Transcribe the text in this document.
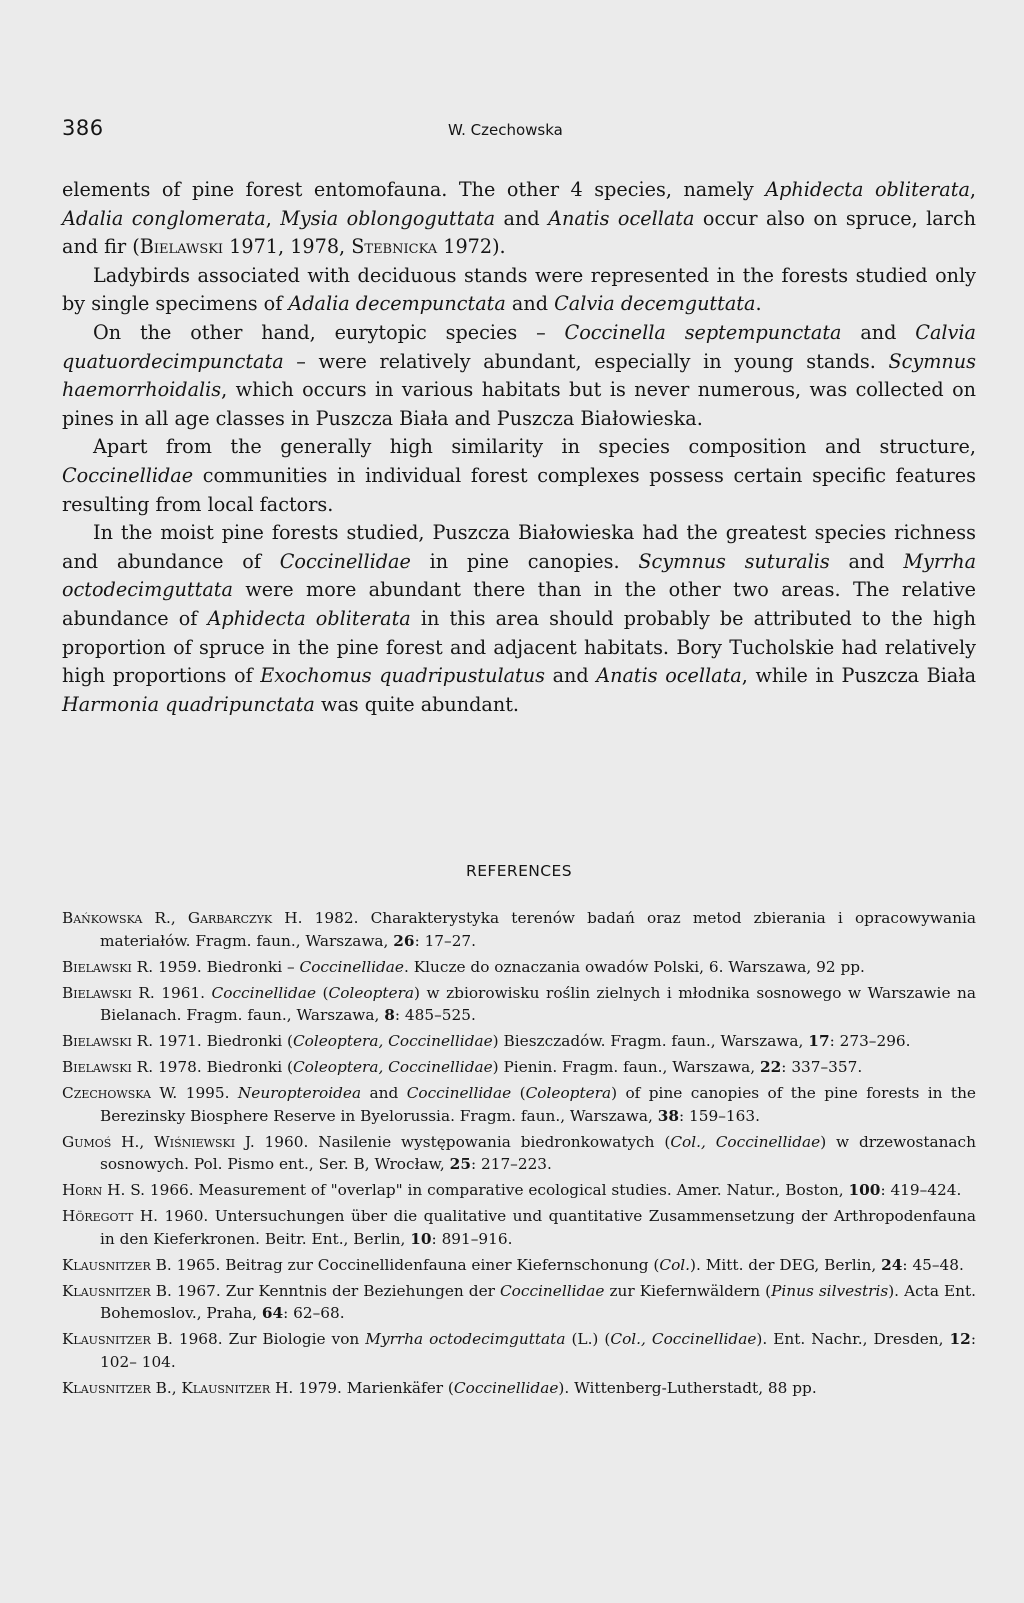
386	W. Czechowska

elements of pine forest entomofauna. The other 4 species, namely Aphidecta obliterata, Adalia conglomerata, Mysia oblongoguttata and Anatis ocellata occur also on spruce, larch and fir (Bielawski 1971, 1978, Stebnicka 1972).

Ladybirds associated with deciduous stands were represented in the forests studied only by single specimens of Adalia decempunctata and Calvia decemguttata.

On the other hand, eurytopic species – Coccinella septempunctata and Calvia quatuordecimpunctata – were relatively abundant, especially in young stands. Scymnus haemorrhoidalis, which occurs in various habitats but is never numerous, was collected on pines in all age classes in Puszcza Biała and Puszcza Białowieska.

Apart from the generally high similarity in species composition and structure, Coccinellidae communities in individual forest complexes possess certain specific features resulting from local factors.

In the moist pine forests studied, Puszcza Białowieska had the greatest species richness and abundance of Coccinellidae in pine canopies. Scymnus suturalis and Myrrha octodecimguttata were more abundant there than in the other two areas. The relative abundance of Aphidecta obliterata in this area should probably be attributed to the high proportion of spruce in the pine forest and adjacent habitats. Bory Tucholskie had relatively high proportions of Exochomus quadripustulatus and Anatis ocellata, while in Puszcza Biała Harmonia quadripunctata was quite abundant.

REFERENCES

Bańkowska R., Garbarczyk H. 1982. Charakterystyka terenów badań oraz metod zbierania i opracowywania materiałów. Fragm. faun., Warszawa, 26: 17–27.

Bielawski R. 1959. Biedronki – Coccinellidae. Klucze do oznaczania owadów Polski, 6. Warszawa, 92 pp.

Bielawski R. 1961. Coccinellidae (Coleoptera) w zbiorowisku roślin zielnych i młodnika sosnowego w Warszawie na Bielanach. Fragm. faun., Warszawa, 8: 485–525.

Bielawski R. 1971. Biedronki (Coleoptera, Coccinellidae) Bieszczadów. Fragm. faun., Warszawa, 17: 273–296.

Bielawski R. 1978. Biedronki (Coleoptera, Coccinellidae) Pienin. Fragm. faun., Warszawa, 22: 337–357.

Czechowska W. 1995. Neuropteroidea and Coccinellidae (Coleoptera) of pine canopies of the pine forests in the Berezinsky Biosphere Reserve in Byelorussia. Fragm. faun., Warszawa, 38: 159–163.

Gumoś H., Wiśniewski J. 1960. Nasilenie występowania biedronkowatych (Col., Coccinellidae) w drzewostanach sosnowych. Pol. Pismo ent., Ser. B, Wrocław, 25: 217–223.

Horn H. S. 1966. Measurement of "overlap" in comparative ecological studies. Amer. Natur., Boston, 100: 419–424.

Höregott H. 1960. Untersuchungen über die qualitative und quantitative Zusammensetzung der Arthropodenfauna in den Kieferkronen. Beitr. Ent., Berlin, 10: 891–916.

Klausnitzer B. 1965. Beitrag zur Coccinellidenfauna einer Kiefernschonung (Col.). Mitt. der DEG, Berlin, 24: 45–48.

Klausnitzer B. 1967. Zur Kenntnis der Beziehungen der Coccinellidae zur Kiefernwäldern (Pinus silvestris). Acta Ent. Bohemoslov., Praha, 64: 62–68.

Klausnitzer B. 1968. Zur Biologie von Myrrha octodecimguttata (L.) (Col., Coccinellidae). Ent. Nachr., Dresden, 12: 102– 104.

Klausnitzer B., Klausnitzer H. 1979. Marienkäfer (Coccinellidae). Wittenberg-Lutherstadt, 88 pp.
